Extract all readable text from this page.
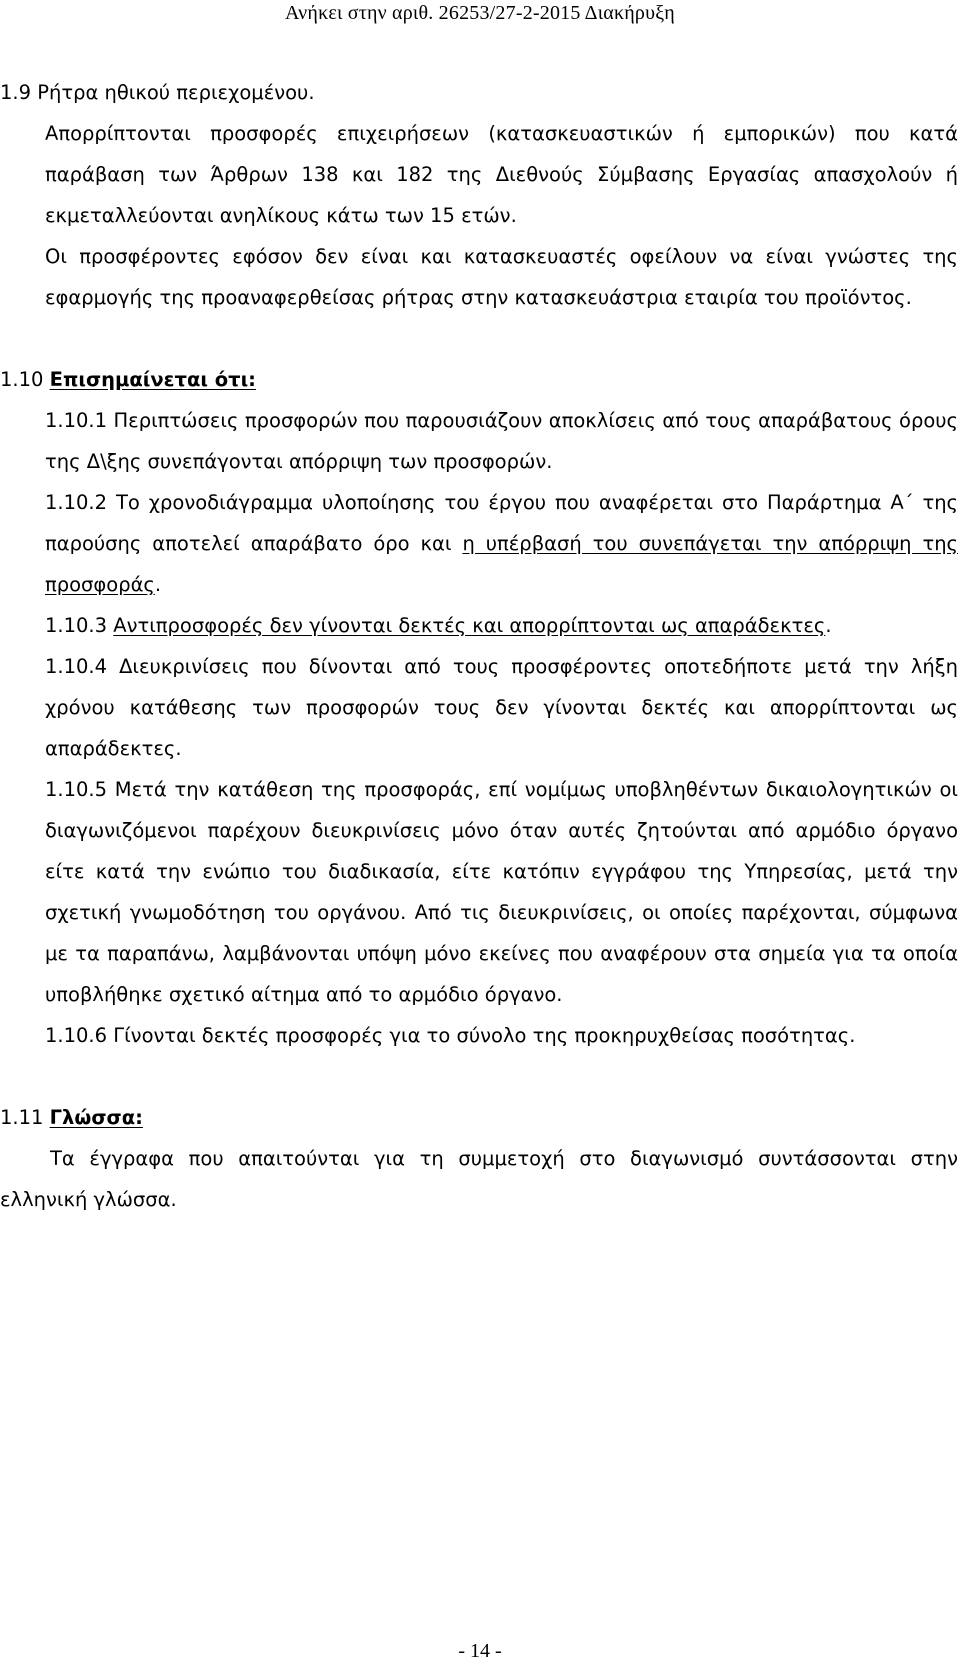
Ανήκει στην αριθ. 26253/27-2-2015 Διακήρυξη

1.9 Ρήτρα ηθικού περιεχομένου.

Απορρίπτονται προσφορές επιχειρήσεων (κατασκευαστικών ή εμπορικών) που κατά παράβαση των Άρθρων 138 και 182 της Διεθνούς Σύμβασης Εργασίας απασχολούν ή εκμεταλλεύονται ανηλίκους κάτω των 15 ετών.

Οι προσφέροντες εφόσον δεν είναι και κατασκευαστές οφείλουν να είναι γνώστες της εφαρμογής της προαναφερθείσας ρήτρας στην κατασκευάστρια εταιρία του προϊόντος.

1.10 Επισημαίνεται ότι:

1.10.1 Περιπτώσεις προσφορών που παρουσιάζουν αποκλίσεις από τους απαράβατους όρους της Δ\ξης συνεπάγονται απόρριψη των προσφορών.

1.10.2 Το χρονοδιάγραμμα υλοποίησης του έργου που αναφέρεται στο Παράρτημα Α΄ της παρούσης αποτελεί απαράβατο όρο και η υπέρβασή του συνεπάγεται την απόρριψη της προσφοράς.

1.10.3 Αντιπροσφορές δεν γίνονται δεκτές και απορρίπτονται ως απαράδεκτες.

1.10.4 Διευκρινίσεις που δίνονται από τους προσφέροντες οποτεδήποτε μετά την λήξη χρόνου κατάθεσης των προσφορών τους δεν γίνονται δεκτές και απορρίπτονται ως απαράδεκτες.

1.10.5 Μετά την κατάθεση της προσφοράς, επί νομίμως υποβληθέντων δικαιολογητικών οι διαγωνιζόμενοι παρέχουν διευκρινίσεις μόνο όταν αυτές ζητούνται από αρμόδιο όργανο είτε κατά την ενώπιο του διαδικασία, είτε κατόπιν εγγράφου της Υπηρεσίας, μετά την σχετική γνωμοδότηση του οργάνου. Από τις διευκρινίσεις, οι οποίες παρέχονται, σύμφωνα με τα παραπάνω, λαμβάνονται υπόψη μόνο εκείνες που αναφέρουν στα σημεία για τα οποία υποβλήθηκε σχετικό αίτημα από το αρμόδιο όργανο.

1.10.6 Γίνονται δεκτές προσφορές για το σύνολο της προκηρυχθείσας ποσότητας.

1.11 Γλώσσα:

Τα έγγραφα που απαιτούνται για τη συμμετοχή στο διαγωνισμό συντάσσονται στην ελληνική γλώσσα.

- 14 -
